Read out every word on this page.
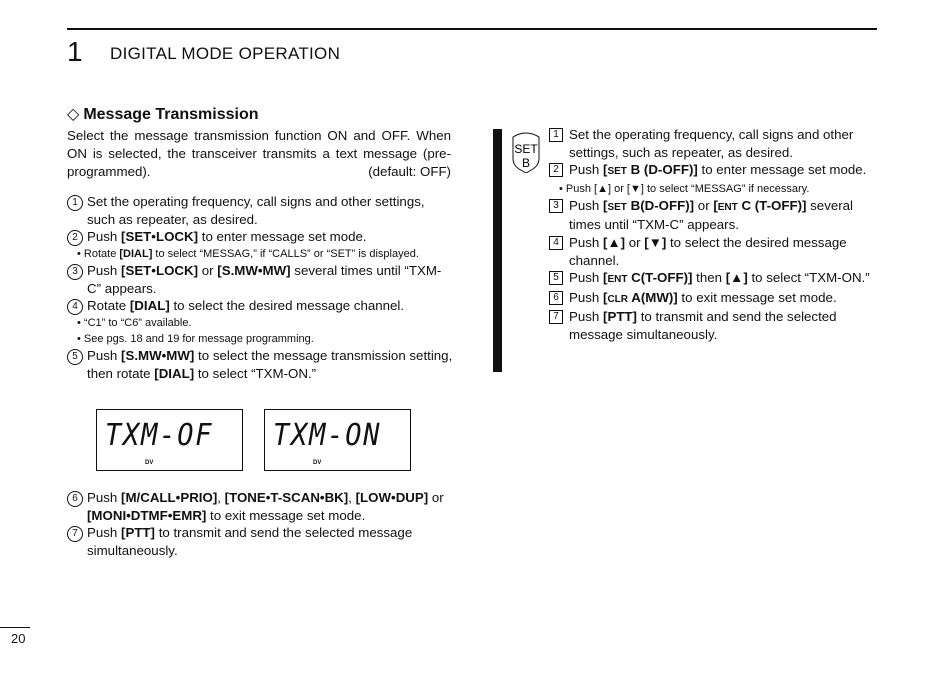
1 DIGITAL MODE OPERATION
◇ Message Transmission
Select the message transmission function ON and OFF. When ON is selected, the transceiver transmits a text message (pre-programmed).	(default: OFF)
1 Set the operating frequency, call signs and other settings, such as repeater, as desired.
2 Push [SET•LOCK] to enter message set mode.
• Rotate [DIAL] to select “MESSAG,” if “CALLS” or “SET” is displayed.
3 Push [SET•LOCK] or [S.MW•MW] several times until “TXM-C” appears.
4 Rotate [DIAL] to select the desired message channel.
• “C1” to “C6” available.
• See pgs. 18 and 19 for message programming.
5 Push [S.MW•MW] to select the message transmission setting, then rotate [DIAL] to select “TXM-ON.”
TXM-OF
DV
TXM-ON
DV
6 Push [M/CALL•PRIO], [TONE•T-SCAN•BK], [LOW•DUP] or [MONI•DTMF•EMR] to exit message set mode.
7 Push [PTT] to transmit and send the selected message simultaneously.
SET
B
1 Set the operating frequency, call signs and other settings, such as repeater, as desired.
2 Push [SET B (D-OFF)] to enter message set mode.
• Push [▲] or [▼] to select “MESSAG” if necessary.
3 Push [SET B(D-OFF)] or [ENT C (T-OFF)] several times until “TXM-C” appears.
4 Push [▲] or [▼] to select the desired message channel.
5 Push [ENT C(T-OFF)] then [▲] to select “TXM-ON.”
6 Push [CLR A(MW)] to exit message set mode.
7 Push [PTT] to transmit and send the selected message simultaneously.
20
